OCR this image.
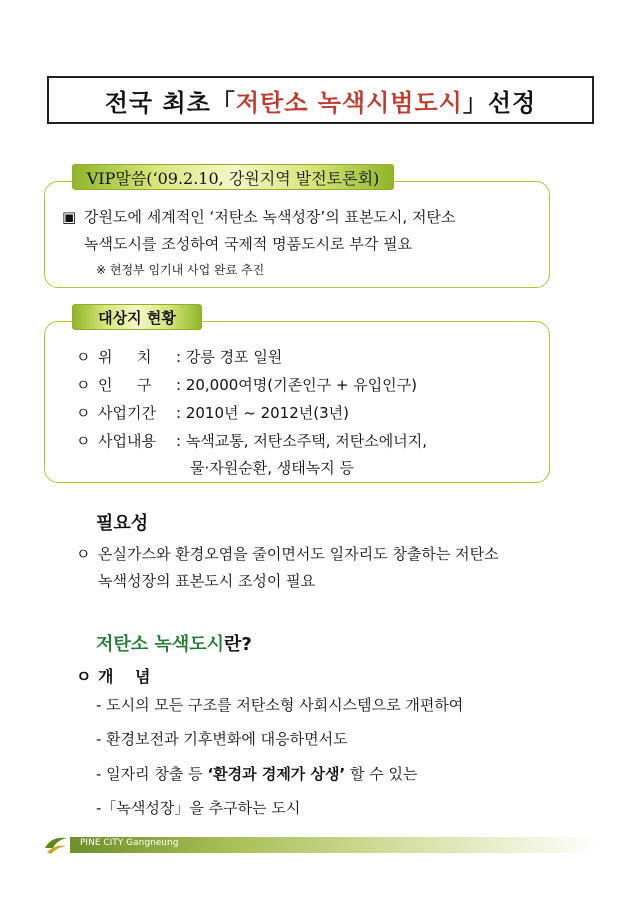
전국 최초「 저탄소 녹색시범도시 」선정
VIP말씀(‘09.2.10, 강원지역 발전토론회)
▣ 강원도에 세계적인 ‘저탄소 녹색성장’의 표본도시, 저탄소
녹색도시를 조성하여 국제적 명품도시로 부각 필요
※ 현정부 임기내 사업 완료 추진
대상지 현황
ㅇ 위 　 치 : 강릉 경포 일원
ㅇ 인 　 구 : 20,000여명(기존인구 + 유입인구)
ㅇ 사업기간 : 2010년 ~ 2012년(3년)
ㅇ 사업내용 : 녹색교통, 저탄소주택, 저탄소에너지,
물·자원순환, 생태녹지 등
필요성
ㅇ 온실가스와 환경오염을 줄이면서도 일자리도 창출하는 저탄소
녹색성장의 표본도시 조성이 필요
저탄소 녹색도시란?
ㅇ 개 　념
- 도시의 모든 구조를 저탄소형 사회시스템으로 개편하여
- 환경보전과 기후변화에 대응하면서도
- 일자리 창출 등 ‘환경과 경제가 상생’ 할 수 있는
-「녹색성장」을 추구하는 도시
PINE CITY Gangneung
